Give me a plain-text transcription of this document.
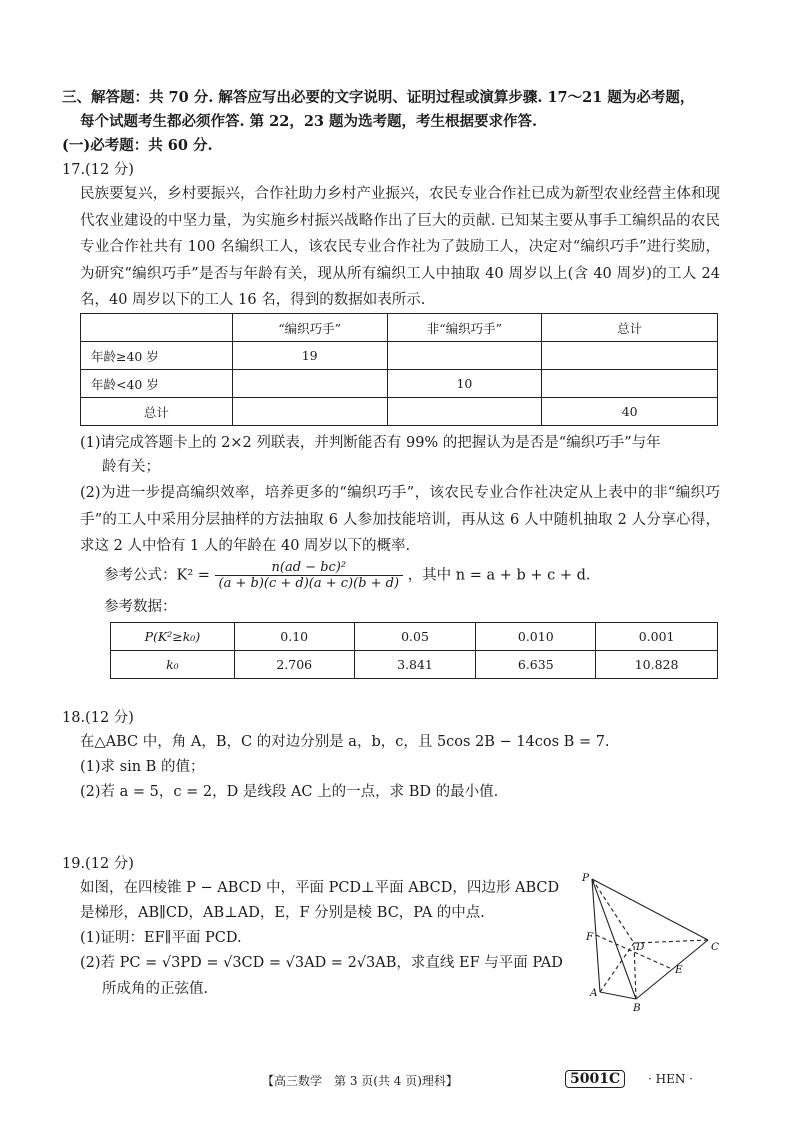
三、解答题：共 70 分. 解答应写出必要的文字说明、证明过程或演算步骤. 17～21 题为必考题，
每个试题考生都必须作答. 第 22，23 题为选考题，考生根据要求作答.
(一)必考题：共 60 分.
17.(12 分)
民族要复兴，乡村要振兴，合作社助力乡村产业振兴，农民专业合作社已成为新型农业经营主体和现代农业建设的中坚力量，为实施乡村振兴战略作出了巨大的贡献. 已知某主要从事手工编织品的农民专业合作社共有 100 名编织工人，该农民专业合作社为了鼓励工人，决定对“编织巧手”进行奖励，为研究“编织巧手”是否与年龄有关，现从所有编织工人中抽取 40 周岁以上(含 40 周岁)的工人 24 名，40 周岁以下的工人 16 名，得到的数据如表所示.
	“编织巧手”	非“编织巧手”	总计
年龄≥40 岁	19		
年龄<40 岁		10	
总计			40
(1)请完成答题卡上的 2×2 列联表，并判断能否有 99% 的把握认为是否是“编织巧手”与年
龄有关；
(2)为进一步提高编织效率，培养更多的“编织巧手”，该农民专业合作社决定从上表中的非“编织巧手”的工人中采用分层抽样的方法抽取 6 人参加技能培训，再从这 6 人中随机抽取 2 人分享心得，求这 2 人中恰有 1 人的年龄在 40 周岁以下的概率.
参考公式：$K^2 = \frac{\text{n(ad − bc)²}}{(a + b)(c + d)(a + c)(b + d)}$ ，其中 n = a + b + c + d.
参考数据：
P(K²≥k₀)	0.10	0.05	0.010	0.001
k₀	2.706	3.841	6.635	10.828
18.(12 分)
在△ABC 中，角 A，B，C 的对边分别是 a，b，c，且 5cos 2B − 14cos B = 7.
(1)求 sin B 的值；
(2)若 a = 5，c = 2，D 是线段 AC 上的一点，求 BD 的最小值.
19.(12 分)
如图，在四棱锥 P − ABCD 中，平面 PCD⊥平面 ABCD，四边形 ABCD
是梯形，AB∥CD，AB⊥AD，E，F 分别是棱 BC，PA 的中点.
(1)证明：EF∥平面 PCD.
(2)若 PC = √3PD = √3CD = √3AD = 2√3AB，求直线 EF 与平面 PAD
所成角的正弦值.
P
F
D	C
E
A
B
【高三数学　第 3 页(共 4 页)理科】	5001C	· HEN ·
